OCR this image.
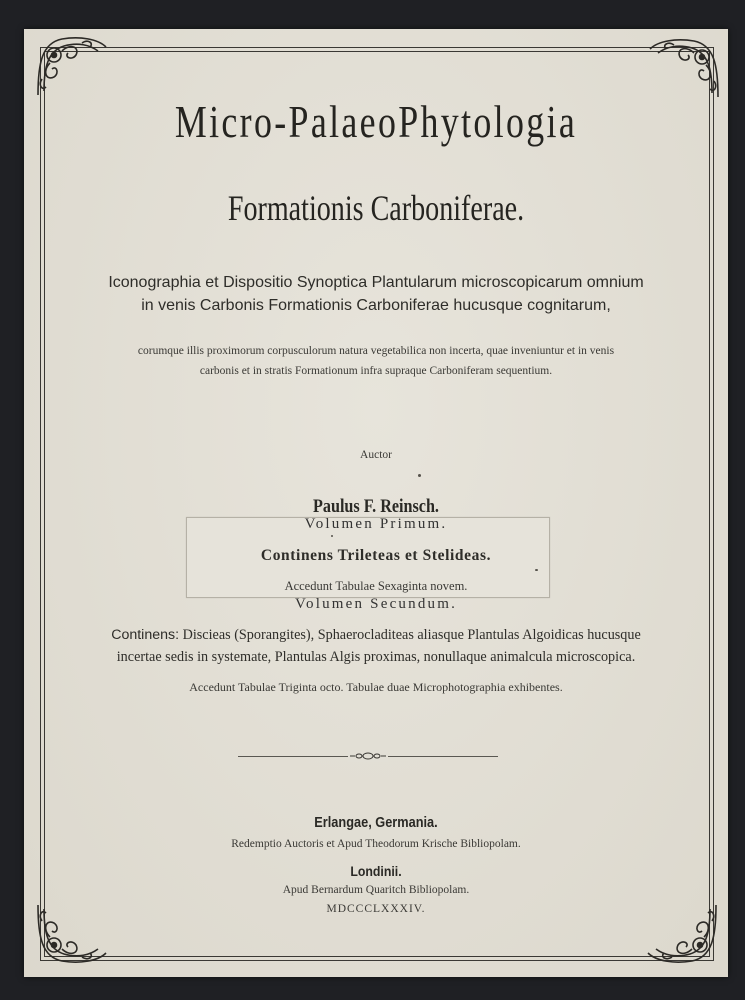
Micro-PalaeoPhytologia
Formationis Carboniferae.
Iconographia et Dispositio Synoptica Plantularum microscopicarum omnium
in venis Carbonis Formationis Carboniferae hucusque cognitarum,
corumque illis proximorum corpusculorum natura vegetabilica non incerta, quae inveniuntur et in venis
carbonis et in stratis Formationum infra supraque Carboniferam sequentium.
Auctor
Paulus F. Reinsch.
Volumen Primum.
Continens Trileteas et Stelideas.
Accedunt Tabulae Sexaginta novem.
Volumen Secundum.
Continens: Discieas (Sporangites), Sphaerocladiteas aliasque Plantulas Algoidicas hucusque
incertae sedis in systemate, Plantulas Algis proximas, nonullaque animalcula microscopica.
Accedunt Tabulae Triginta octo. Tabulae duae Microphotographia exhibentes.
Erlangae, Germania.
Redemptio Auctoris et Apud Theodorum Krische Bibliopolam.
Londinii.
Apud Bernardum Quaritch Bibliopolam.
MDCCCLXXXIV.
